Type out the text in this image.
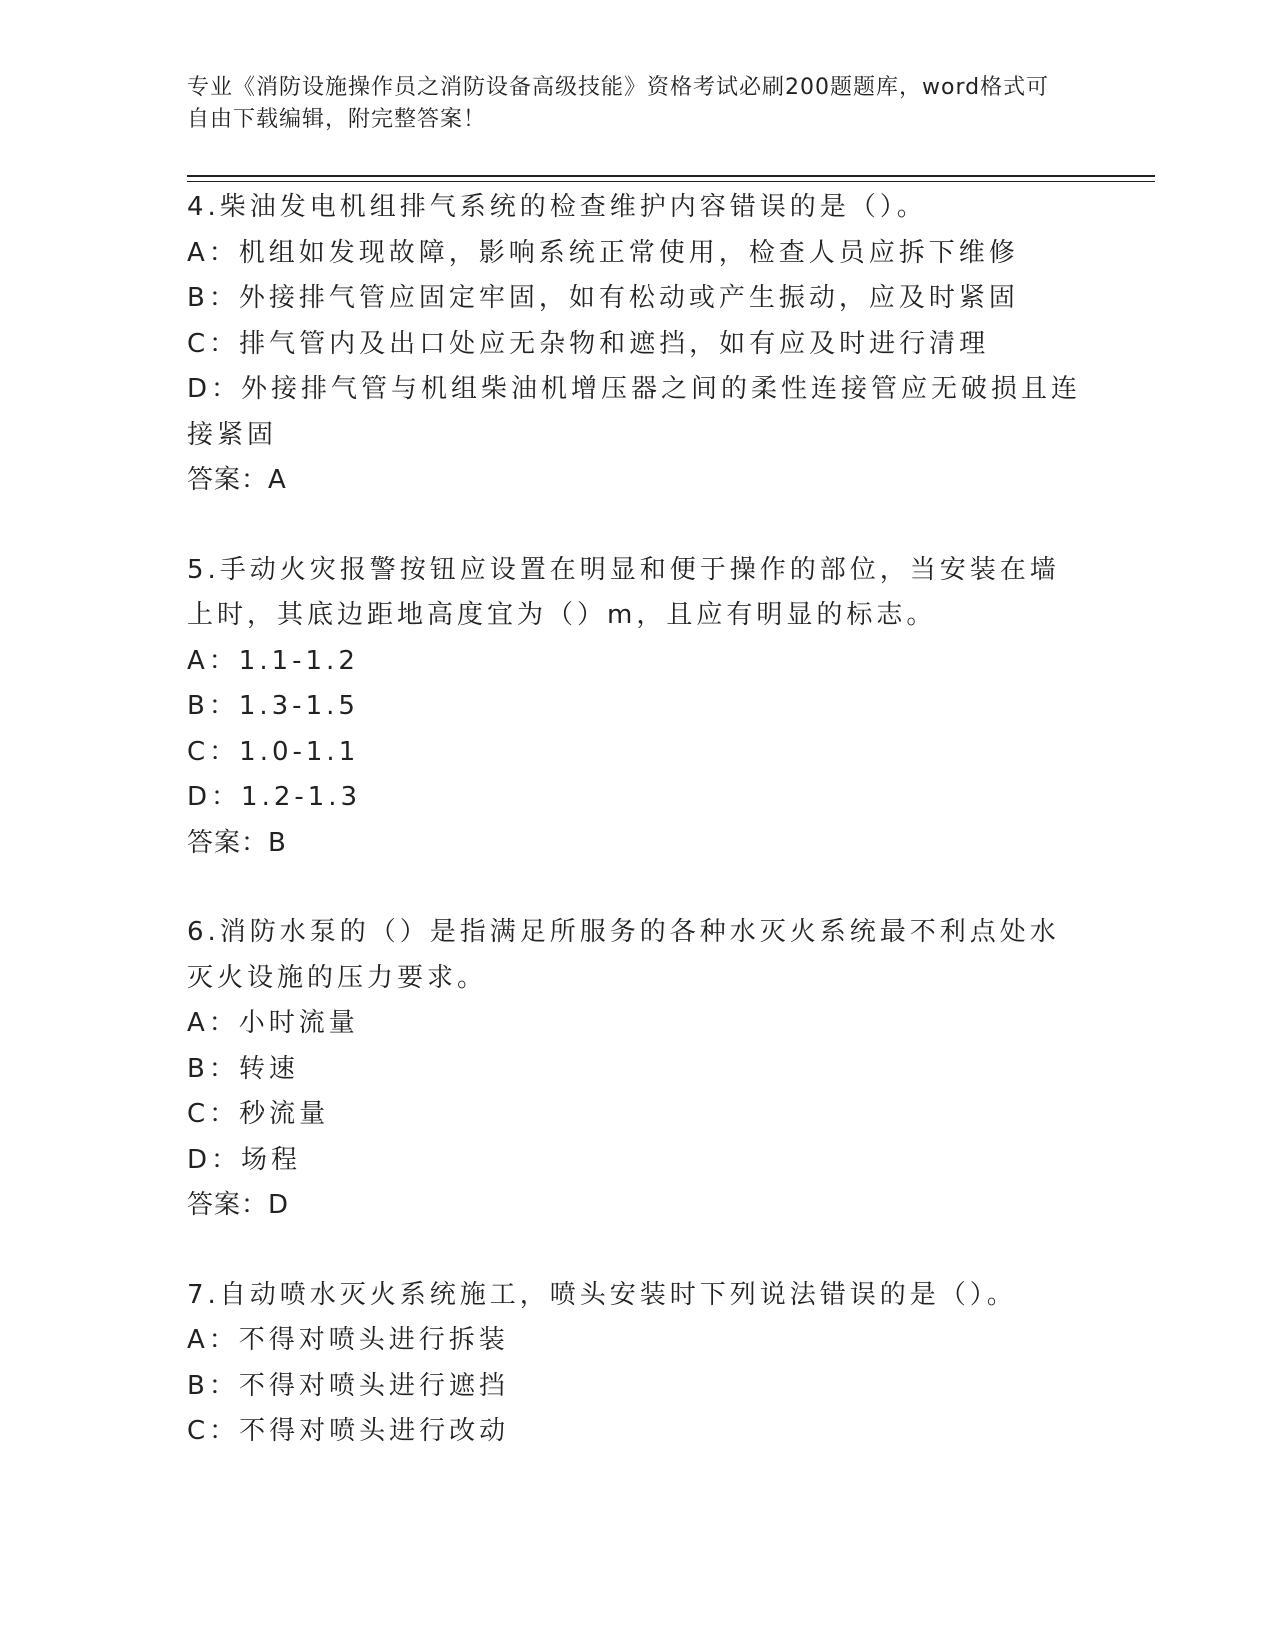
专业《消防设施操作员之消防设备高级技能》资格考试必刷200题题库，word格式可自由下载编辑，附完整答案！
4.柴油发电机组排气系统的检查维护内容错误的是（）。
A：机组如发现故障，影响系统正常使用，检查人员应拆下维修
B：外接排气管应固定牢固，如有松动或产生振动，应及时紧固
C：排气管内及出口处应无杂物和遮挡，如有应及时进行清理
D：外接排气管与机组柴油机增压器之间的柔性连接管应无破损且连接紧固
答案：A
5.手动火灾报警按钮应设置在明显和便于操作的部位，当安装在墙上时，其底边距地高度宜为（）m，且应有明显的标志。
A：1.1-1.2
B：1.3-1.5
C：1.0-1.1
D：1.2-1.3
答案：B
6.消防水泵的（）是指满足所服务的各种水灭火系统最不利点处水灭火设施的压力要求。
A：小时流量
B：转速
C：秒流量
D：场程
答案：D
7.自动喷水灭火系统施工，喷头安装时下列说法错误的是（）。
A：不得对喷头进行拆装
B：不得对喷头进行遮挡
C：不得对喷头进行改动
